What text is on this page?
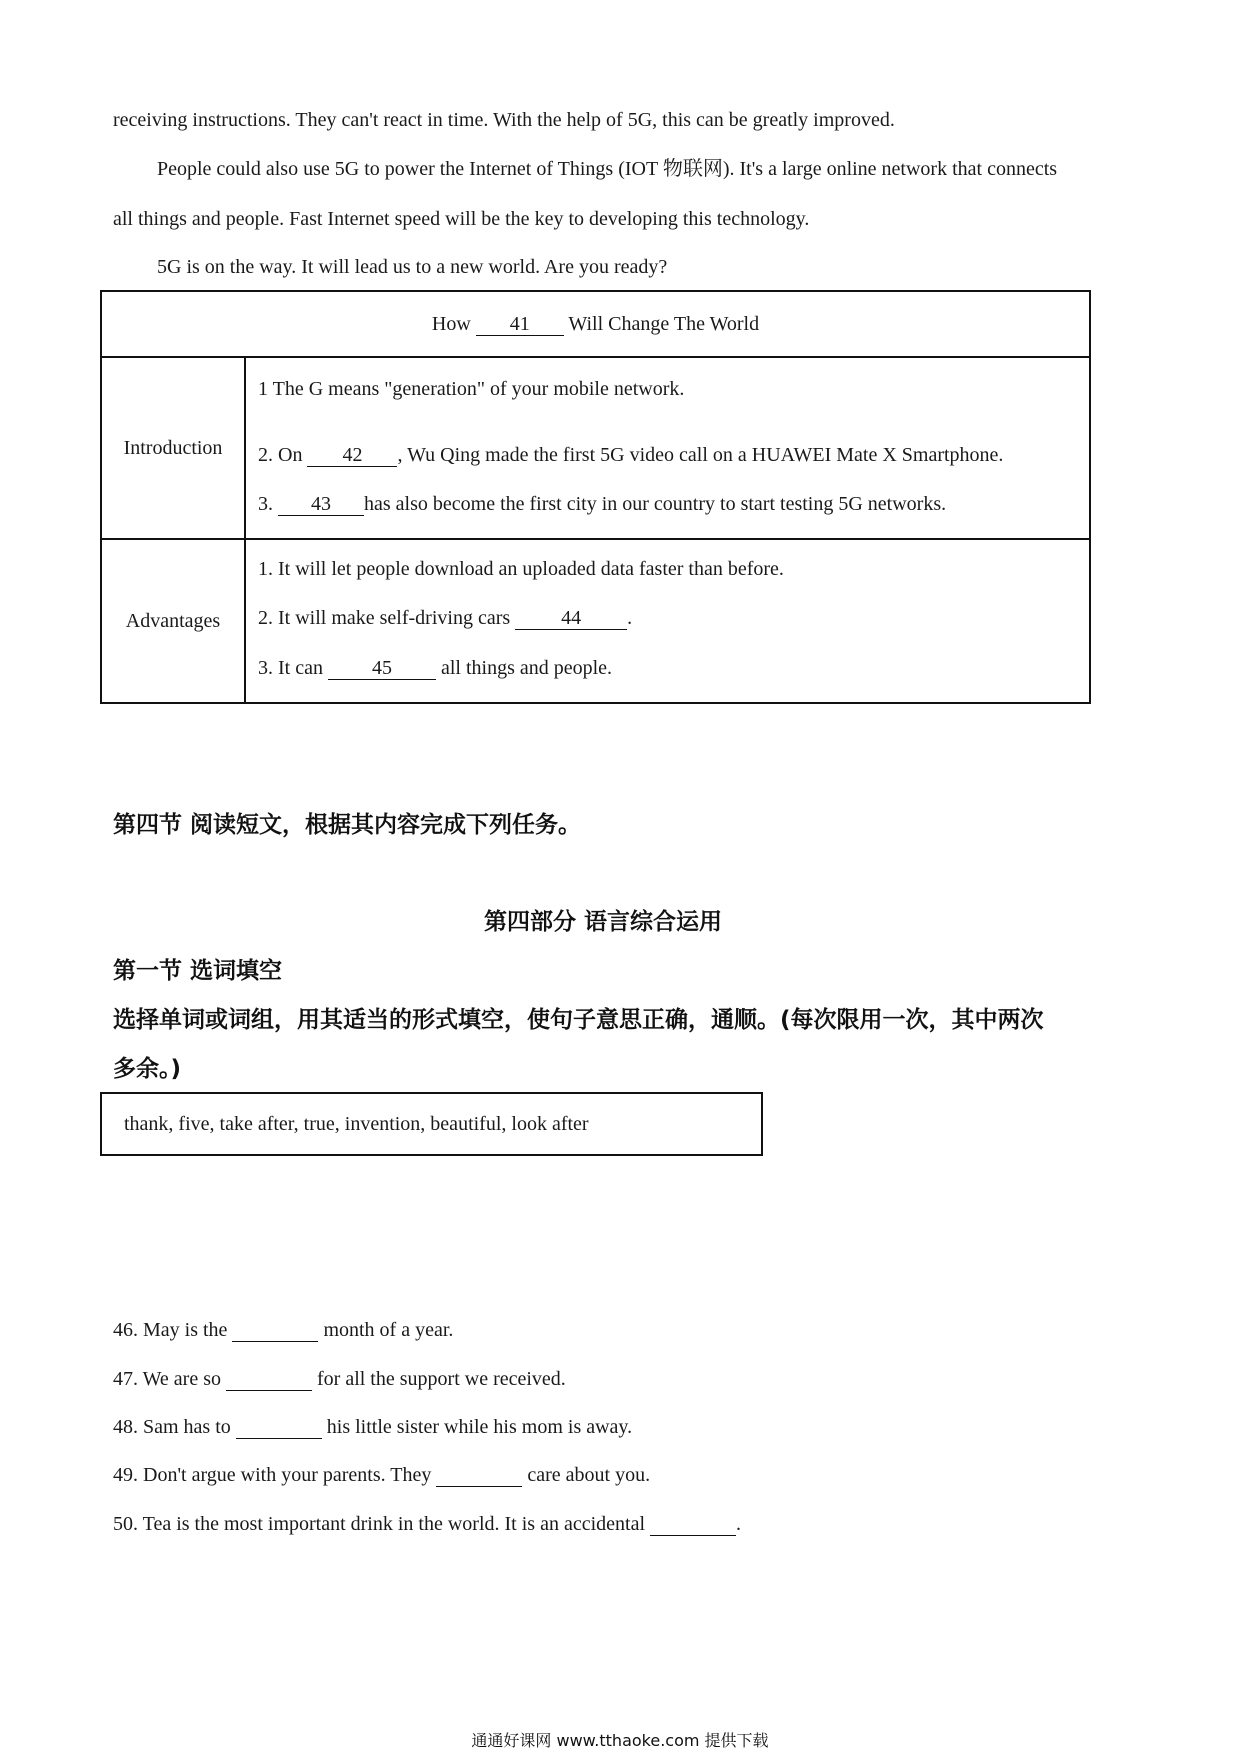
receiving instructions. They can't react in time. With the help of 5G, this can be greatly improved.
People could also use 5G to power the Internet of Things (IOT 物联网). It's a large online network that connects
all things and people. Fast Internet speed will be the key to developing this technology.
5G is on the way. It will lead us to a new world. Are you ready?
How 41 Will Change The World	
Introduction	1 The G means "generation" of your mobile network.
2. On 42 , Wu Qing made the first 5G video call on a HUAWEI Mate X Smartphone.
3. 43 has also become the first city in our country to start testing 5G networks.

Advantages	1. It will let people download an uploaded data faster than before.
2. It will make self-driving cars 44 .
3. It can 45 all things and people.
第四节 阅读短文，根据其内容完成下列任务。
第四部分 语言综合运用
第一节 选词填空
选择单词或词组，用其适当的形式填空，使句子意思正确，通顺。(每次限用一次，其中两次
多余。)
thank, five, take after, true, invention, beautiful, look after
46. May is the	month of a year.
47. We are so	for all the support we received.
48. Sam has to	his little sister while his mom is away.
49. Don't argue with your parents. They	care about you.
50. Tea is the most important drink in the world. It is an accidental	.
通通好课网 www.tthaoke.com 提供下载
